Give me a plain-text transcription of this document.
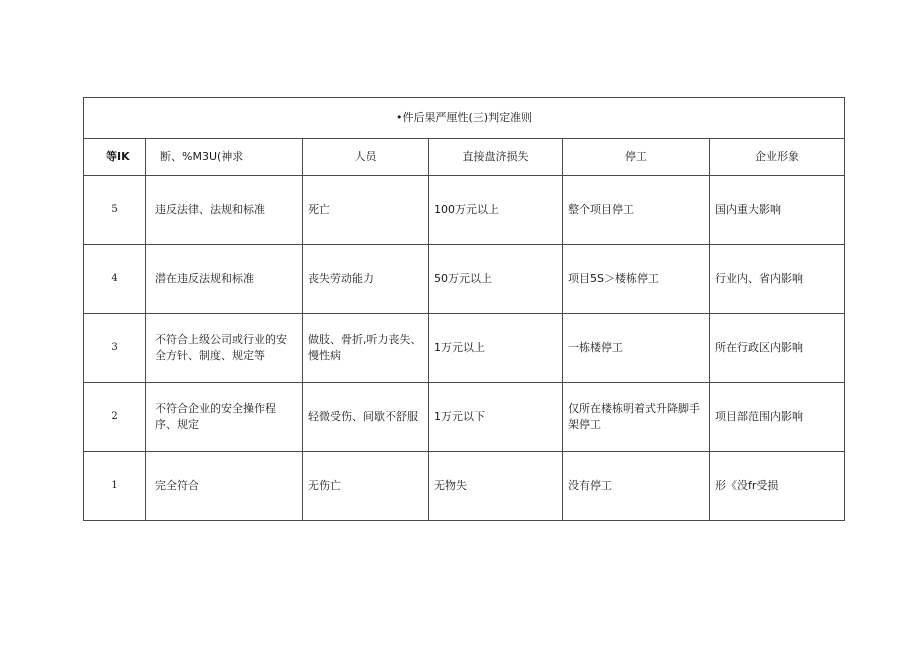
•件后果严厘性(三)判定准则					
等IK	断、%M3U(神求	人员	直接盘济损失	停工	企业形象
5	违反法律、法规和标准	死亡	100万元以上	整个项目停工	国内重大影响
4	潜在违反法规和标准	丧失劳动能力	50万元以上	项目5S＞楼栋停工	行业内、省内影响
3	不符合上级公司或行业的安全方针、制度、规定等	做肢、骨折,听力丧失、慢性病	1万元以上	一栋楼停工	所在行政区内影响
2	不符合企业的安全操作程序、规定	轻微受伤、间歇不舒服	1万元以下	仅所在楼栋明着式升降脚手架停工	项目部范围内影响
1	完全符合	无伤亡	无物失	没有停工	形《没fr受损
